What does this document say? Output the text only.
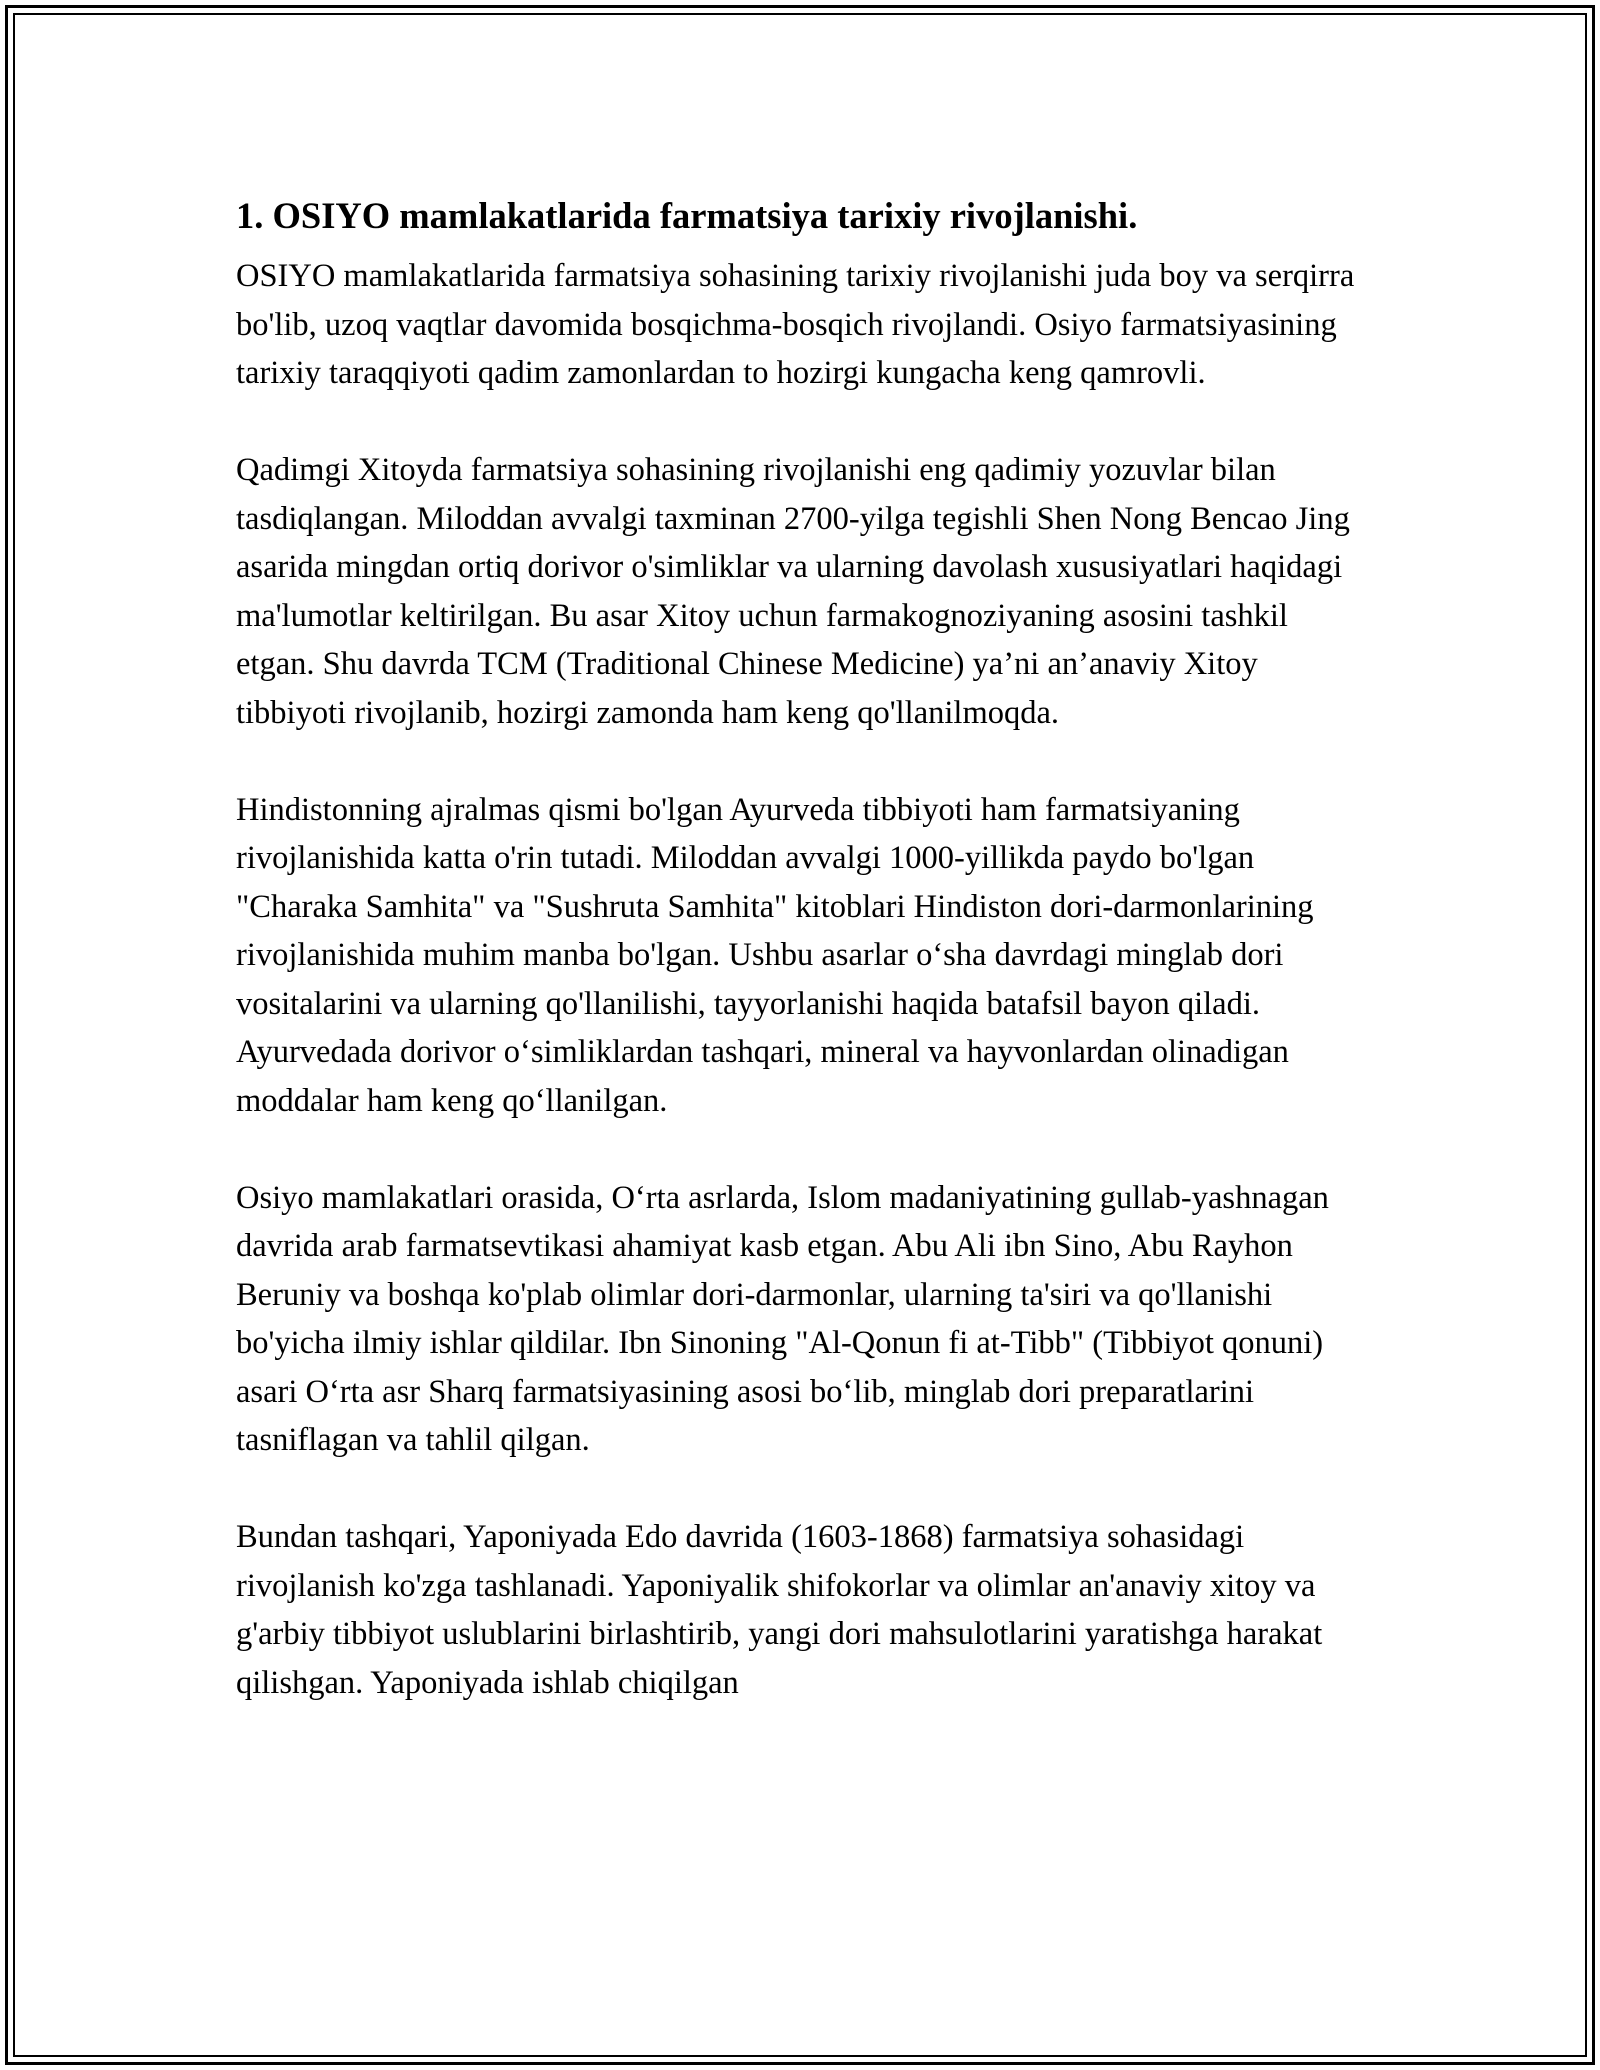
1. OSIYO mamlakatlarida farmatsiya tarixiy rivojlanishi.

OSIYO mamlakatlarida farmatsiya sohasining tarixiy rivojlanishi juda boy va serqirra bo'lib, uzoq vaqtlar davomida bosqichma-bosqich rivojlandi. Osiyo farmatsiyasining tarixiy taraqqiyoti qadim zamonlardan to hozirgi kungacha keng qamrovli.

Qadimgi Xitoyda farmatsiya sohasining rivojlanishi eng qadimiy yozuvlar bilan tasdiqlangan. Miloddan avvalgi taxminan 2700-yilga tegishli Shen Nong Bencao Jing asarida mingdan ortiq dorivor o'simliklar va ularning davolash xususiyatlari haqidagi ma'lumotlar keltirilgan. Bu asar Xitoy uchun farmakognoziyaning asosini tashkil etgan. Shu davrda TCM (Traditional Chinese Medicine) ya’ni an’anaviy Xitoy tibbiyoti rivojlanib, hozirgi zamonda ham keng qo'llanilmoqda.

Hindistonning ajralmas qismi bo'lgan Ayurveda tibbiyoti ham farmatsiyaning rivojlanishida katta o'rin tutadi. Miloddan avvalgi 1000-yillikda paydo bo'lgan "Charaka Samhita" va "Sushruta Samhita" kitoblari Hindiston dori-darmonlarining rivojlanishida muhim manba bo'lgan. Ushbu asarlar o‘sha davrdagi minglab dori vositalarini va ularning qo'llanilishi, tayyorlanishi haqida batafsil bayon qiladi. Ayurvedada dorivor o‘simliklardan tashqari, mineral va hayvonlardan olinadigan moddalar ham keng qo‘llanilgan.

Osiyo mamlakatlari orasida, O‘rta asrlarda, Islom madaniyatining gullab-yashnagan davrida arab farmatsevtikasi ahamiyat kasb etgan. Abu Ali ibn Sino, Abu Rayhon Beruniy va boshqa ko'plab olimlar dori-darmonlar, ularning ta'siri va qo'llanishi bo'yicha ilmiy ishlar qildilar. Ibn Sinoning "Al-Qonun fi at-Tibb" (Tibbiyot qonuni) asari O‘rta asr Sharq farmatsiyasining asosi bo‘lib, minglab dori preparatlarini tasniflagan va tahlil qilgan.

Bundan tashqari, Yaponiyada Edo davrida (1603-1868) farmatsiya sohasidagi rivojlanish ko'zga tashlanadi. Yaponiyalik shifokorlar va olimlar an'anaviy xitoy va g'arbiy tibbiyot uslublarini birlashtirib, yangi dori mahsulotlarini yaratishga harakat qilishgan. Yaponiyada ishlab chiqilgan
